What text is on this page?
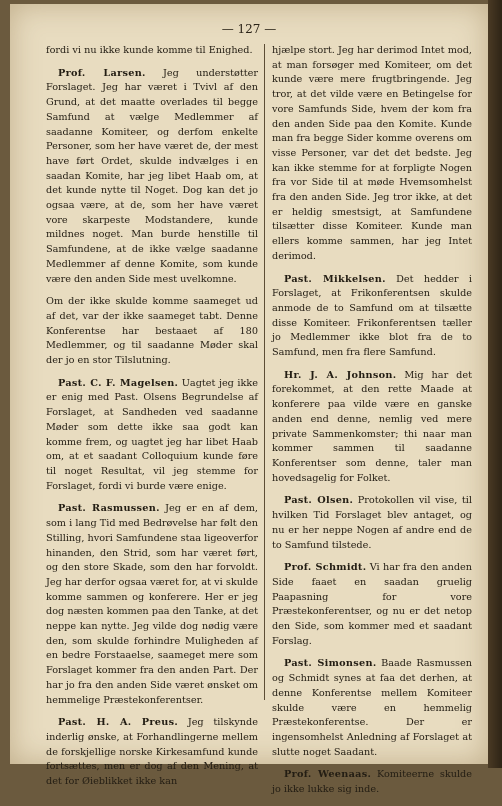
— 127 —

fordi vi nu ikke kunde komme til Enighed.

Prof. Larsen. Jeg understøtter Forslaget. Jeg har været i Tvivl af den Grund, at det maatte overlades til begge Samfund at vælge Medlemmer af saadanne Komiteer, og derfom enkelte Personer, som her have været de, der mest have ført Ordet, skulde indvælges i en saadan Komite, har jeg libet Haab om, at det kunde nytte til Noget. Dog kan det jo ogsaa være, at de, som her have været vore skarpeste Modstandere, kunde mildnes noget. Man burde henstille til Samfundene, at de ikke vælge saadanne Medlemmer af denne Komite, som kunde være den anden Side mest uvelkomne.

Om der ikke skulde komme saameget ud af det, var der ikke saameget tabt. Denne Konferentse har bestaaet af 180 Medlemmer, og til saadanne Møder skal der jo en stor Tilslutning.

Past. C. F. Magelsen. Uagtet jeg ikke er enig med Past. Olsens Begrundelse af Forslaget, at Sandheden ved saadanne Møder som dette ikke saa godt kan komme frem, og uagtet jeg har libet Haab om, at et saadant Colloquium kunde føre til noget Resultat, vil jeg stemme for Forslaget, fordi vi burde være enige.

Past. Rasmussen. Jeg er en af dem, som i lang Tid med Bedrøvelse har følt den Stilling, hvori Samfundene staa ligeoverfor hinanden, den Strid, som har været ført, og den store Skade, som den har forvoldt. Jeg har derfor ogsaa været for, at vi skulde komme sammen og konferere. Her er jeg dog næsten kommen paa den Tanke, at det neppe kan nytte. Jeg vilde dog nødig være den, som skulde forhindre Muligheden af en bedre Forstaaelse, saameget mere som Forslaget kommer fra den anden Part. Der har jo fra den anden Side været ønsket om hemmelige Præstekonferentser.

Past. H. A. Preus. Jeg tilskynde inderlig ønske, at Forhandlingerne mellem de forskjellige norske Kirkesamfund kunde fortsættes, men er dog af den Mening, at det for Øieblikket ikke kan

hjælpe stort. Jeg har derimod Intet mod, at man forsøger med Komiteer, om det kunde være mere frugtbringende. Jeg tror, at det vilde være en Betingelse for vore Samfunds Side, hvem der kom fra den anden Side paa den Komite. Kunde man fra begge Sider komme overens om visse Personer, var det det bedste. Jeg kan ikke stemme for at forpligte Nogen fra vor Side til at møde Hvemsomhelst fra den anden Side. Jeg tror ikke, at det er heldig smestsigt, at Samfundene tilsætter disse Komiteer. Kunde man ellers komme sammen, har jeg Intet derimod.

Past. Mikkelsen. Det hedder i Forslaget, at Frikonferentsen skulde anmode de to Samfund om at tilsætte disse Komiteer. Frikonferentsen tæller jo Medlemmer ikke blot fra de to Samfund, men fra flere Samfund.

Hr. J. A. Johnson. Mig har det forekommet, at den rette Maade at konferere paa vilde være en ganske anden end denne, nemlig ved mere private Sammenkomster; thi naar man kommer sammen til saadanne Konferentser som denne, taler man hovedsagelig for Folket.

Past. Olsen. Protokollen vil vise, til hvilken Tid Forslaget blev antaget, og nu er her neppe Nogen af andre end de to Samfund tilstede.

Prof. Schmidt. Vi har fra den anden Side faaet en saadan gruelig Paapasning for vore Præstekonferentser, og nu er det netop den Side, som kommer med et saadant Forslag.

Past. Simonsen. Baade Rasmussen og Schmidt synes at faa det derhen, at denne Konferentse mellem Komiteer skulde være en hemmelig Præstekonferentse. Der er ingensomhelst Anledning af Forslaget at slutte noget Saadant.

Prof. Weenaas. Komiteerne skulde jo ikke lukke sig inde.
